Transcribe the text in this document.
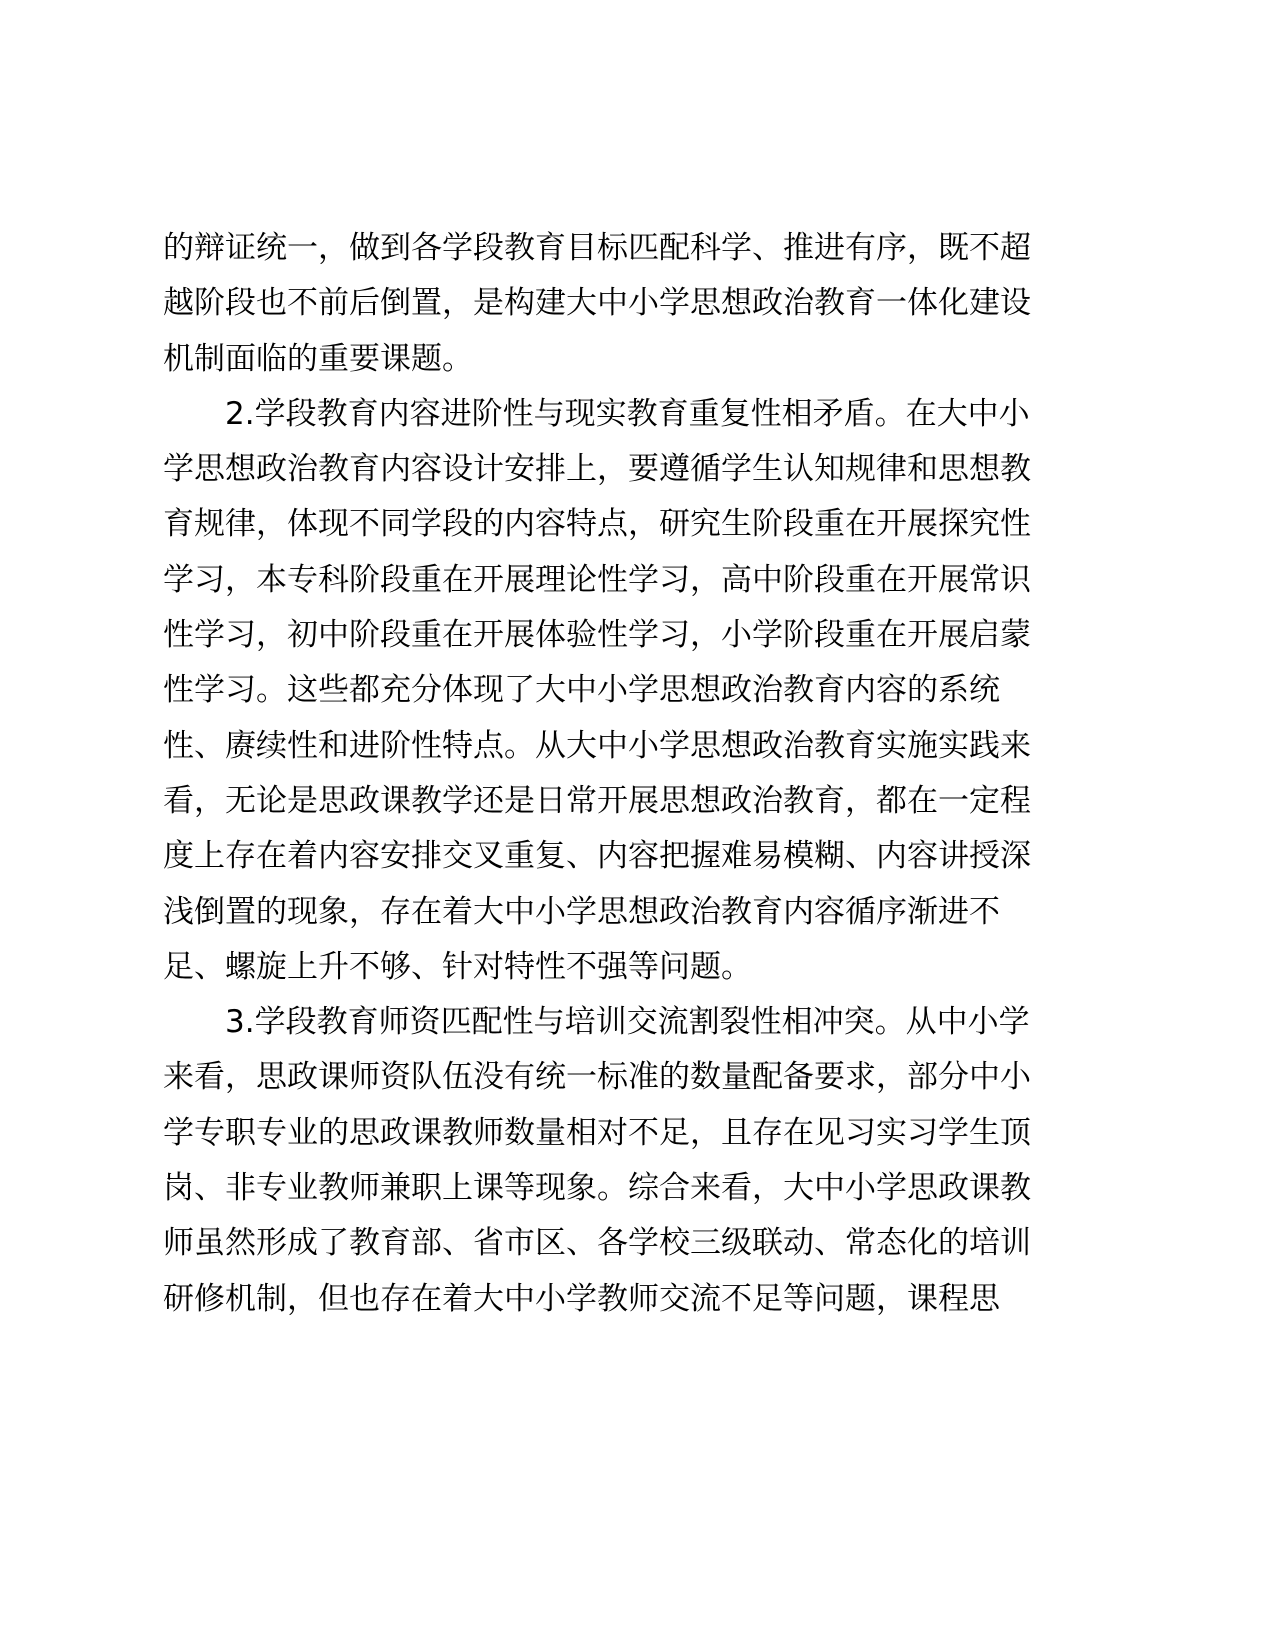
的辩证统一，做到各学段教育目标匹配科学、推进有序，既不超
越阶段也不前后倒置，是构建大中小学思想政治教育一体化建设
机制面临的重要课题。

2.学段教育内容进阶性与现实教育重复性相矛盾。在大中小
学思想政治教育内容设计安排上，要遵循学生认知规律和思想教
育规律，体现不同学段的内容特点，研究生阶段重在开展探究性
学习，本专科阶段重在开展理论性学习，高中阶段重在开展常识
性学习，初中阶段重在开展体验性学习，小学阶段重在开展启蒙
性学习。这些都充分体现了大中小学思想政治教育内容的系统
性、赓续性和进阶性特点。从大中小学思想政治教育实施实践来
看，无论是思政课教学还是日常开展思想政治教育，都在一定程
度上存在着内容安排交叉重复、内容把握难易模糊、内容讲授深
浅倒置的现象，存在着大中小学思想政治教育内容循序渐进不
足、螺旋上升不够、针对特性不强等问题。

3.学段教育师资匹配性与培训交流割裂性相冲突。从中小学
来看，思政课师资队伍没有统一标准的数量配备要求，部分中小
学专职专业的思政课教师数量相对不足，且存在见习实习学生顶
岗、非专业教师兼职上课等现象。综合来看，大中小学思政课教
师虽然形成了教育部、省市区、各学校三级联动、常态化的培训
研修机制，但也存在着大中小学教师交流不足等问题，课程思
